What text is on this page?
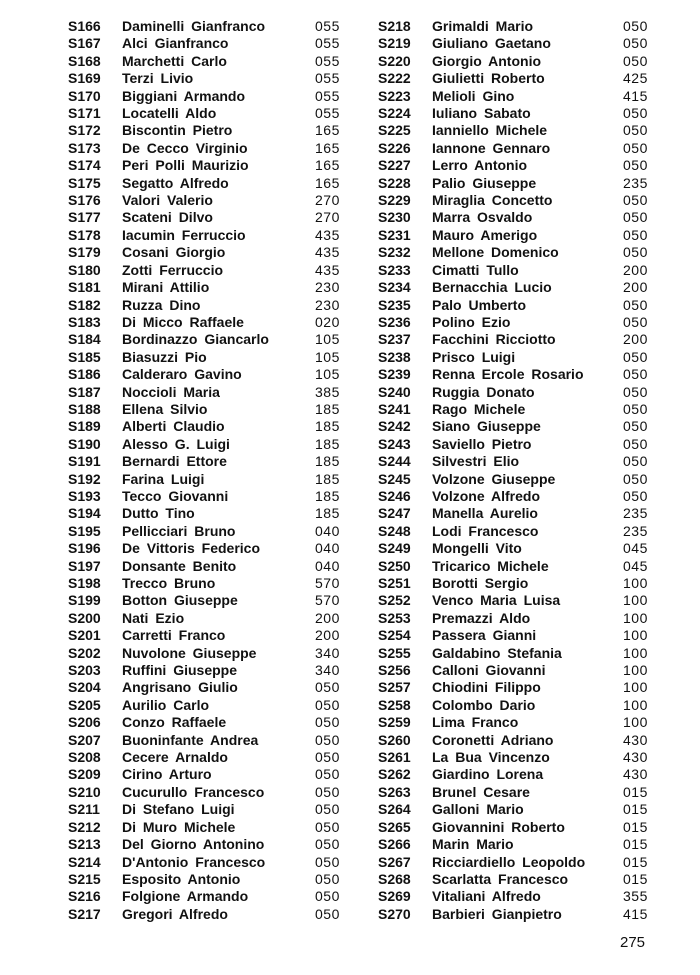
S166 Daminelli Gianfranco	055
S167 Alci Gianfranco	055
S168 Marchetti Carlo	055
S169 Terzi Livio	055
S170 Biggiani Armando	055
S171 Locatelli Aldo	055
S172 Biscontin Pietro	165
S173 De Cecco Virginio	165
S174 Peri Polli Maurizio	165
S175 Segatto Alfredo	165
S176 Valori Valerio	270
S177 Scateni Dilvo	270
S178 Iacumin Ferruccio	435
S179 Cosani Giorgio	435
S180 Zotti Ferruccio	435
S181 Mirani Attilio	230
S182 Ruzza Dino	230
S183 Di Micco Raffaele	020
S184 Bordinazzo Giancarlo	105
S185 Biasuzzi Pio	105
S186 Calderaro Gavino	105
S187 Noccioli Maria	385
S188 Ellena Silvio	185
S189 Alberti Claudio	185
S190 Alesso G. Luigi	185
S191 Bernardi Ettore	185
S192 Farina Luigi	185
S193 Tecco Giovanni	185
S194 Dutto Tino	185
S195 Pellicciari Bruno	040
S196 De Vittoris Federico	040
S197 Donsante Benito	040
S198 Trecco Bruno	570
S199 Botton Giuseppe	570
S200 Nati Ezio	200
S201 Carretti Franco	200
S202 Nuvolone Giuseppe	340
S203 Ruffini Giuseppe	340
S204 Angrisano Giulio	050
S205 Aurilio Carlo	050
S206 Conzo Raffaele	050
S207 Buoninfante Andrea	050
S208 Cecere Arnaldo	050
S209 Cirino Arturo	050
S210 Cucurullo Francesco	050
S211 Di Stefano Luigi	050
S212 Di Muro Michele	050
S213 Del Giorno Antonino	050
S214 D'Antonio Francesco	050
S215 Esposito Antonio	050
S216 Folgione Armando	050
S217 Gregori Alfredo	050
S218 Grimaldi Mario	050
S219 Giuliano Gaetano	050
S220 Giorgio Antonio	050
S222 Giulietti Roberto	425
S223 Melioli Gino	415
S224 Iuliano Sabato	050
S225 Ianniello Michele	050
S226 Iannone Gennaro	050
S227 Lerro Antonio	050
S228 Palio Giuseppe	235
S229 Miraglia Concetto	050
S230 Marra Osvaldo	050
S231 Mauro Amerigo	050
S232 Mellone Domenico	050
S233 Cimatti Tullo	200
S234 Bernacchia Lucio	200
S235 Palo Umberto	050
S236 Polino Ezio	050
S237 Facchini Ricciotto	200
S238 Prisco Luigi	050
S239 Renna Ercole Rosario	050
S240 Ruggia Donato	050
S241 Rago Michele	050
S242 Siano Giuseppe	050
S243 Saviello Pietro	050
S244 Silvestri Elio	050
S245 Volzone Giuseppe	050
S246 Volzone Alfredo	050
S247 Manella Aurelio	235
S248 Lodi Francesco	235
S249 Mongelli Vito	045
S250 Tricarico Michele	045
S251 Borotti Sergio	100
S252 Venco Maria Luisa	100
S253 Premazzi Aldo	100
S254 Passera Gianni	100
S255 Galdabino Stefania	100
S256 Calloni Giovanni	100
S257 Chiodini Filippo	100
S258 Colombo Dario	100
S259 Lima Franco	100
S260 Coronetti Adriano	430
S261 La Bua Vincenzo	430
S262 Giardino Lorena	430
S263 Brunel Cesare	015
S264 Galloni Mario	015
S265 Giovannini Roberto	015
S266 Marin Mario	015
S267 Ricciardiello Leopoldo	015
S268 Scarlatta Francesco	015
S269 Vitaliani Alfredo	355
S270 Barbieri Gianpietro	415
275
